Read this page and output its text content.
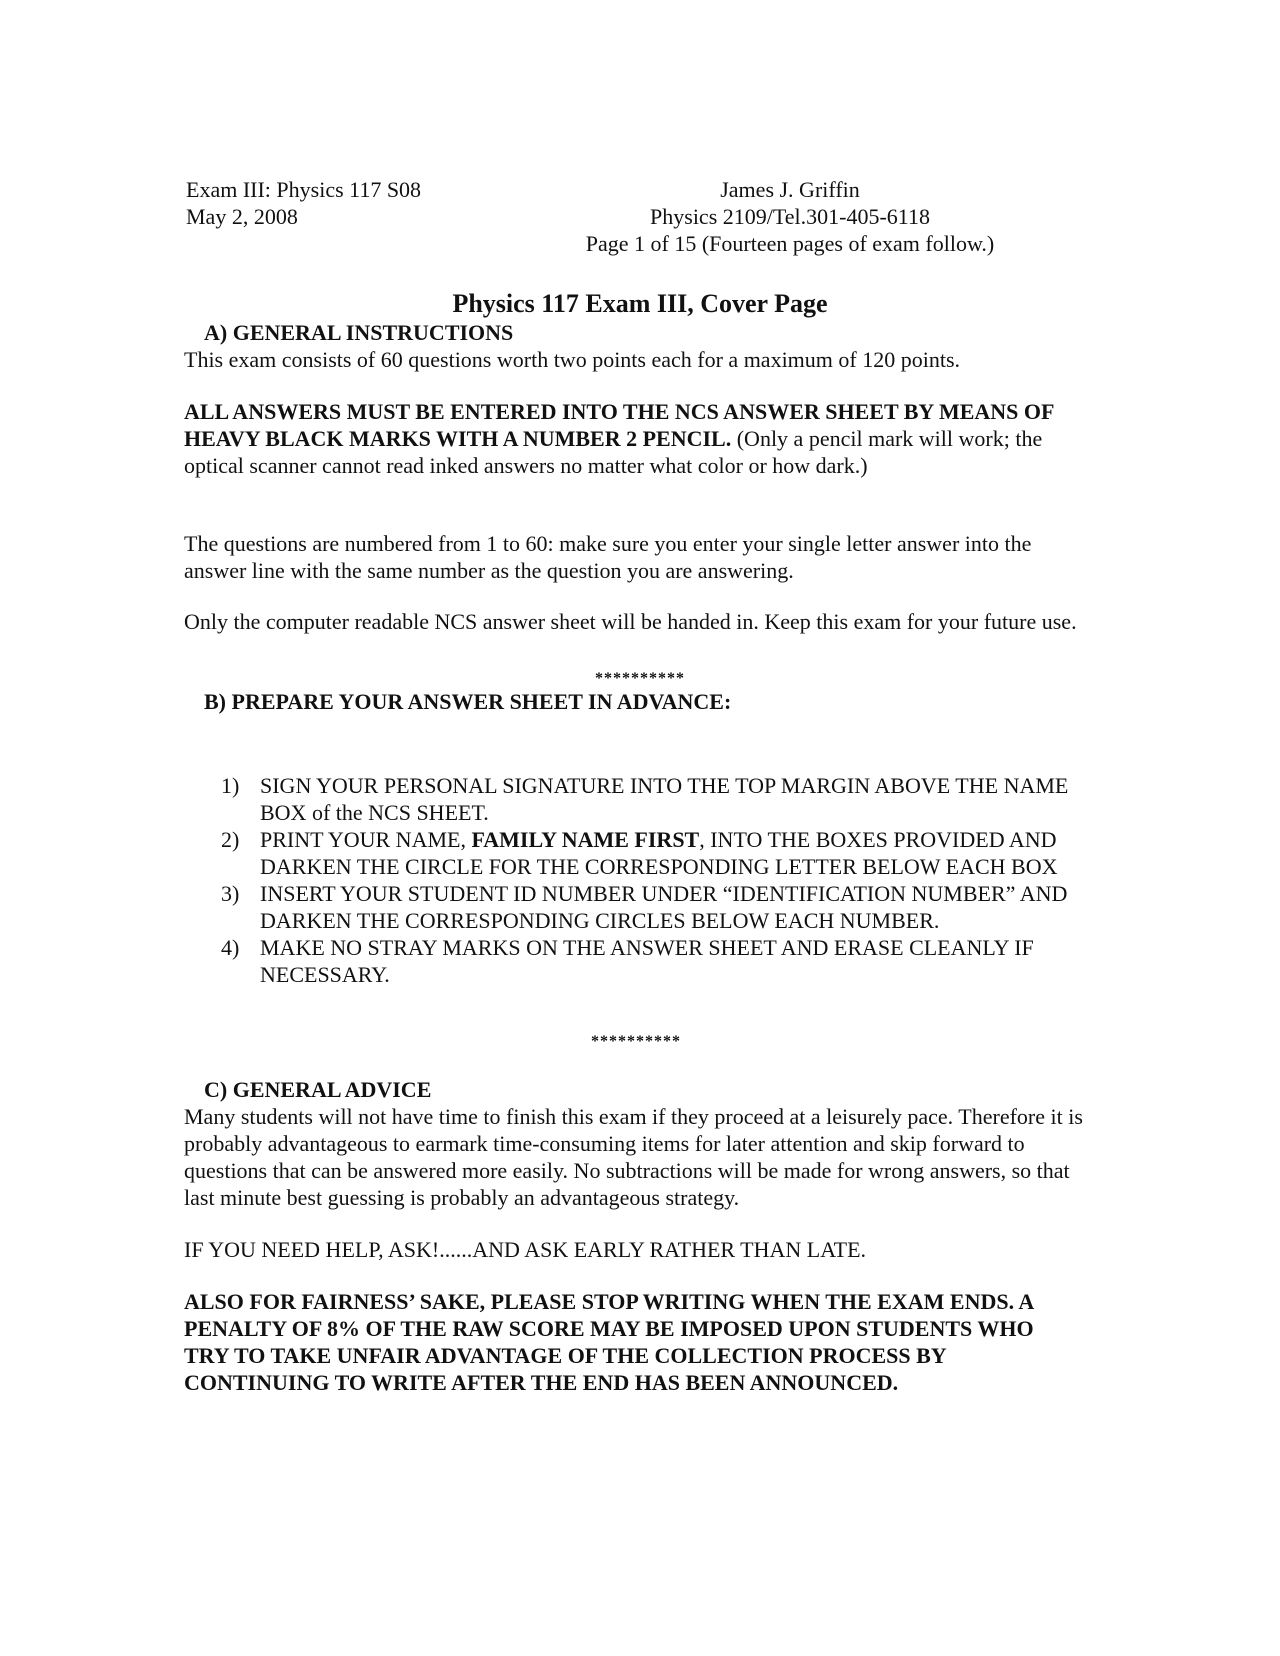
Exam III: Physics 117 S08
May 2, 2008
James J. Griffin
Physics 2109/Tel.301-405-6118
Page 1 of 15 (Fourteen pages of exam follow.)
Physics 117 Exam III, Cover Page
A) GENERAL INSTRUCTIONS

This exam consists of 60 questions worth two points each for a maximum of 120 points.

ALL ANSWERS MUST BE ENTERED INTO THE NCS ANSWER SHEET BY MEANS OF HEAVY BLACK MARKS WITH A NUMBER 2 PENCIL. (Only a pencil mark will work; the optical scanner cannot read inked answers no matter what color or how dark.)

The questions are numbered from 1 to 60: make sure you enter your single letter answer into the answer line with the same number as the question you are answering.

Only the computer readable NCS answer sheet will be handed in. Keep this exam for your future use.

**********
B) PREPARE YOUR ANSWER SHEET IN ADVANCE:
1) SIGN YOUR PERSONAL SIGNATURE INTO THE TOP MARGIN ABOVE THE NAME BOX of the NCS SHEET.
2) PRINT YOUR NAME, FAMILY NAME FIRST, INTO THE BOXES PROVIDED AND DARKEN THE CIRCLE FOR THE CORRESPONDING LETTER BELOW EACH BOX
3) INSERT YOUR STUDENT ID NUMBER UNDER “IDENTIFICATION NUMBER” AND DARKEN THE CORRESPONDING CIRCLES BELOW EACH NUMBER.
4) MAKE NO STRAY MARKS ON THE ANSWER SHEET AND ERASE CLEANLY IF NECESSARY.
**********
C) GENERAL ADVICE

Many students will not have time to finish this exam if they proceed at a leisurely pace. Therefore it is probably advantageous to earmark time-consuming items for later attention and skip forward to questions that can be answered more easily. No subtractions will be made for wrong answers, so that last minute best guessing is probably an advantageous strategy.

IF YOU NEED HELP, ASK!......AND ASK EARLY RATHER THAN LATE.

ALSO FOR FAIRNESS’ SAKE, PLEASE STOP WRITING WHEN THE EXAM ENDS. A PENALTY OF 8% OF THE RAW SCORE MAY BE IMPOSED UPON STUDENTS WHO TRY TO TAKE UNFAIR ADVANTAGE OF THE COLLECTION PROCESS BY CONTINUING TO WRITE AFTER THE END HAS BEEN ANNOUNCED.
